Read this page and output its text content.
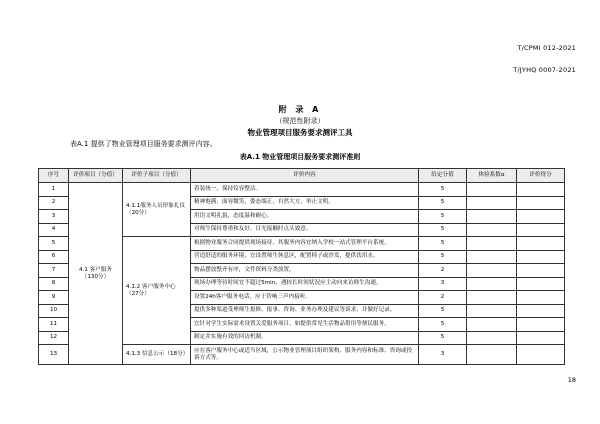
T/CPMI 012-2021
T/JYHQ 0007-2021
附 录 A
（规范性附录）
物业管理项目服务要求测评工具
表A.1 提供了物业管理项目服务要求测评内容。
表A.1 物业管理项目服务要求测评准则
序号	评价项目（分值）	评价子项目（分值）	评价内容	给定分值	体验系数α	评价得分
1	4.1 客户服务（130分）	4.1.1服务人员形象礼仪（20分）	着装统一，保持仪容整洁。	5		
2			精神饱满，面容微笑，姿态端正，自然大方，举止文明。	5		
3			用语文明礼貌，态度温和耐心。	5		
4			对师生保持尊重和友好，目光接触时点头致意。	5		
5		4.1.2 客户服务中心（27分）	根据物业服务合同提供现场接待，其服务内容宜纳入学校一站式管理平台系统。	5		
6			营造舒适的服务环境，宜设置师生休息区，配置椅子或沙发，提供饮用水。	5		
7			物品摆放整齐有序，文件资料分类放置。	2		
8			现场办理等待时间宜不超过5min，遇较长时间状况应主动向来访师生沟通。	3		
9			设置24h客户服务电话，应于铃响三声内接听。	2		
10			提供多种渠道受理师生报修、报事、咨询、业务办理及建议等诉求，并做好记录。	5		
11			宜针对学生实际需求设置关爱服务项目，如提供常见生活物品借用等便民服务。	5		
12			制定并实施有效的回访机制。	5		
13		4.1.3 信息公示（18分）	应在客户服务中心或适当区域，公示物业管理项目组织架构、服务内容和标准、咨询或投诉方式等。	3		
18
